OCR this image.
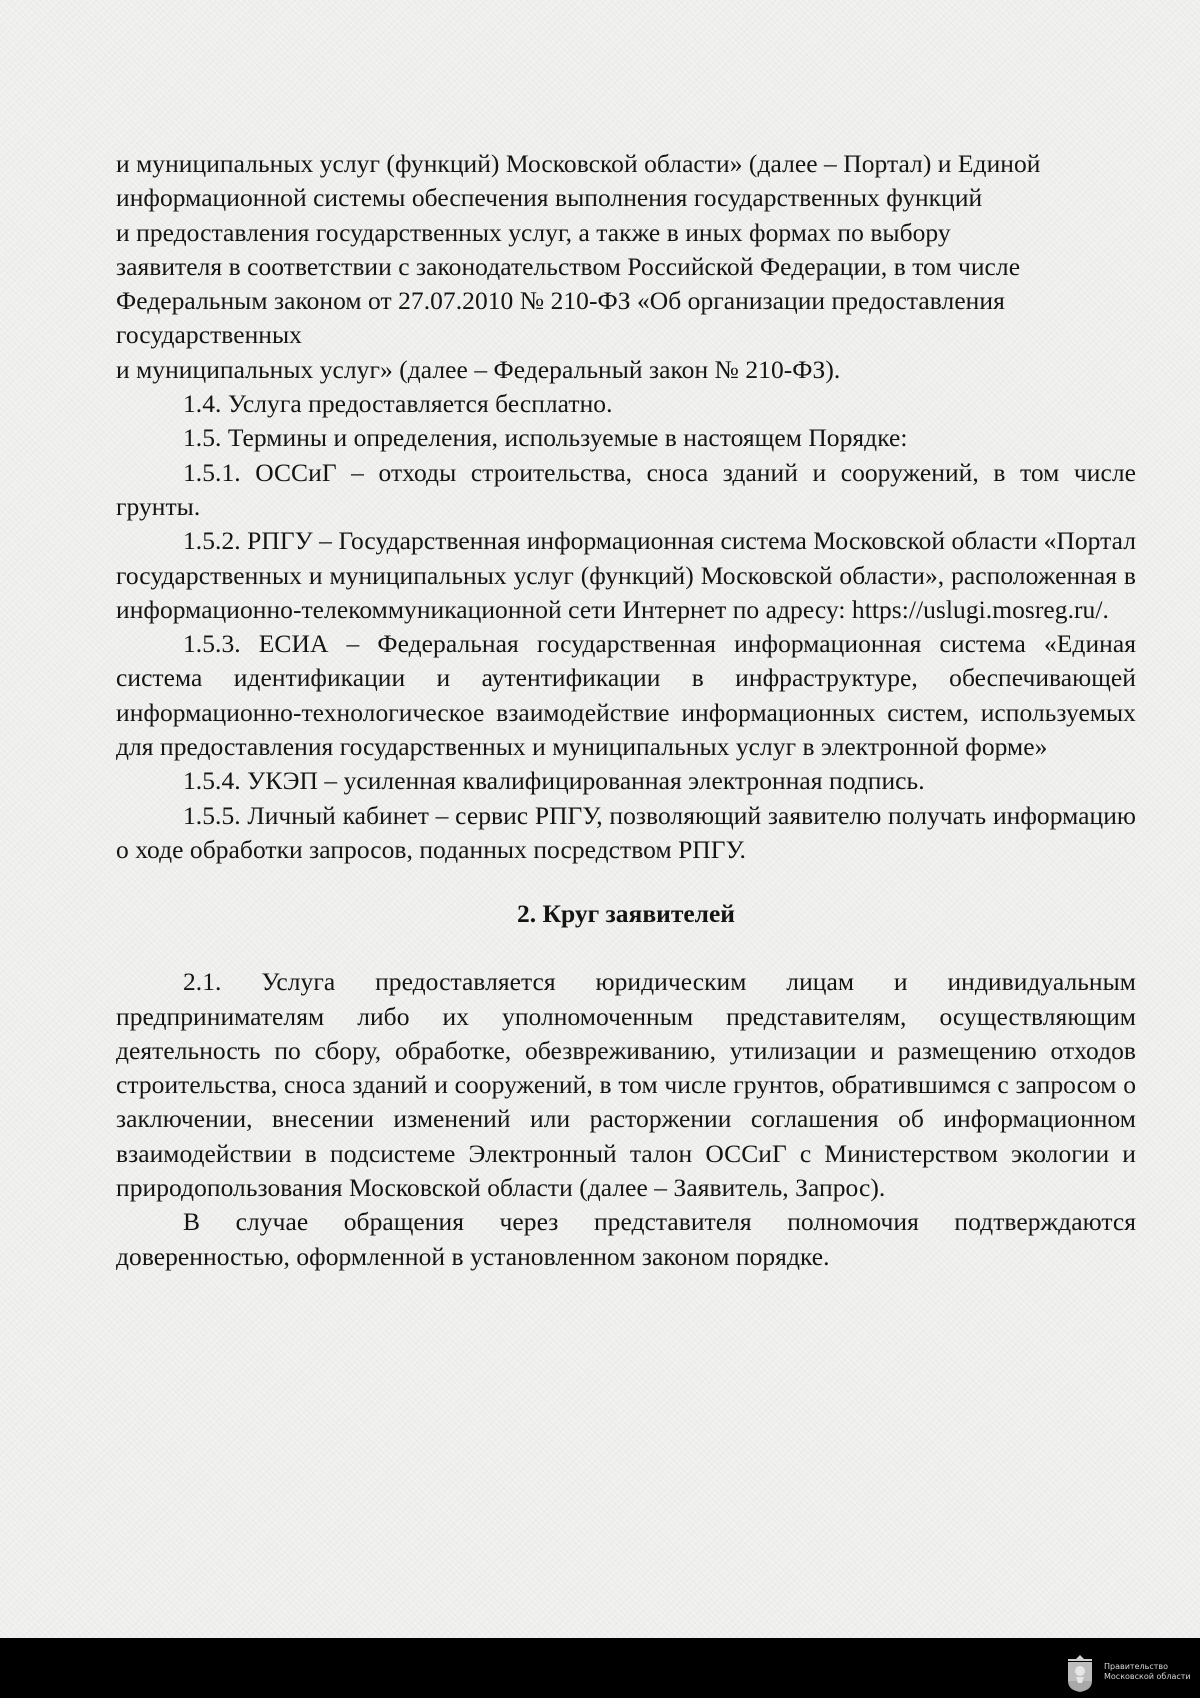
и муниципальных услуг (функций) Московской области» (далее – Портал) и Единой
информационной системы обеспечения выполнения государственных функций
и предоставления государственных услуг, а также в иных формах по выбору
заявителя в соответствии с законодательством Российской Федерации, в том числе
Федеральным законом от 27.07.2010 № 210-ФЗ «Об организации предоставления

государственных
и муниципальных услуг» (далее – Федеральный закон № 210-ФЗ).

1.4. Услуга предоставляется бесплатно.

1.5. Термины и определения, используемые в настоящем Порядке:

1.5.1. ОССиГ – отходы строительства, сноса зданий и сооружений, в том числе грунты.

1.5.2. РПГУ – Государственная информационная система Московской области «Портал государственных и муниципальных услуг (функций) Московской области», расположенная в информационно-телекоммуникационной сети Интернет по адресу: https://uslugi.mosreg.ru/.

1.5.3. ЕСИА – Федеральная государственная информационная система «Единая система идентификации и аутентификации в инфраструктуре, обеспечивающей информационно-технологическое взаимодействие информационных систем, используемых для предоставления государственных и муниципальных услуг в электронной форме»

1.5.4. УКЭП – усиленная квалифицированная электронная подпись.

1.5.5. Личный кабинет – сервис РПГУ, позволяющий заявителю получать информацию о ходе обработки запросов, поданных посредством РПГУ.

2. Круг заявителей

2.1. Услуга предоставляется юридическим лицам и индивидуальным предпринимателям либо их уполномоченным представителям, осуществляющим деятельность по сбору, обработке, обезвреживанию, утилизации и размещению отходов строительства, сноса зданий и сооружений, в том числе грунтов, обратившимся с запросом о заключении, внесении изменений или расторжении соглашения об информационном взаимодействии в подсистеме Электронный талон ОССиГ с Министерством экологии и природопользования Московской области (далее – Заявитель, Запрос).

В случае обращения через представителя полномочия подтверждаются доверенностью, оформленной в установленном законом порядке.

Правительство
Московской области
